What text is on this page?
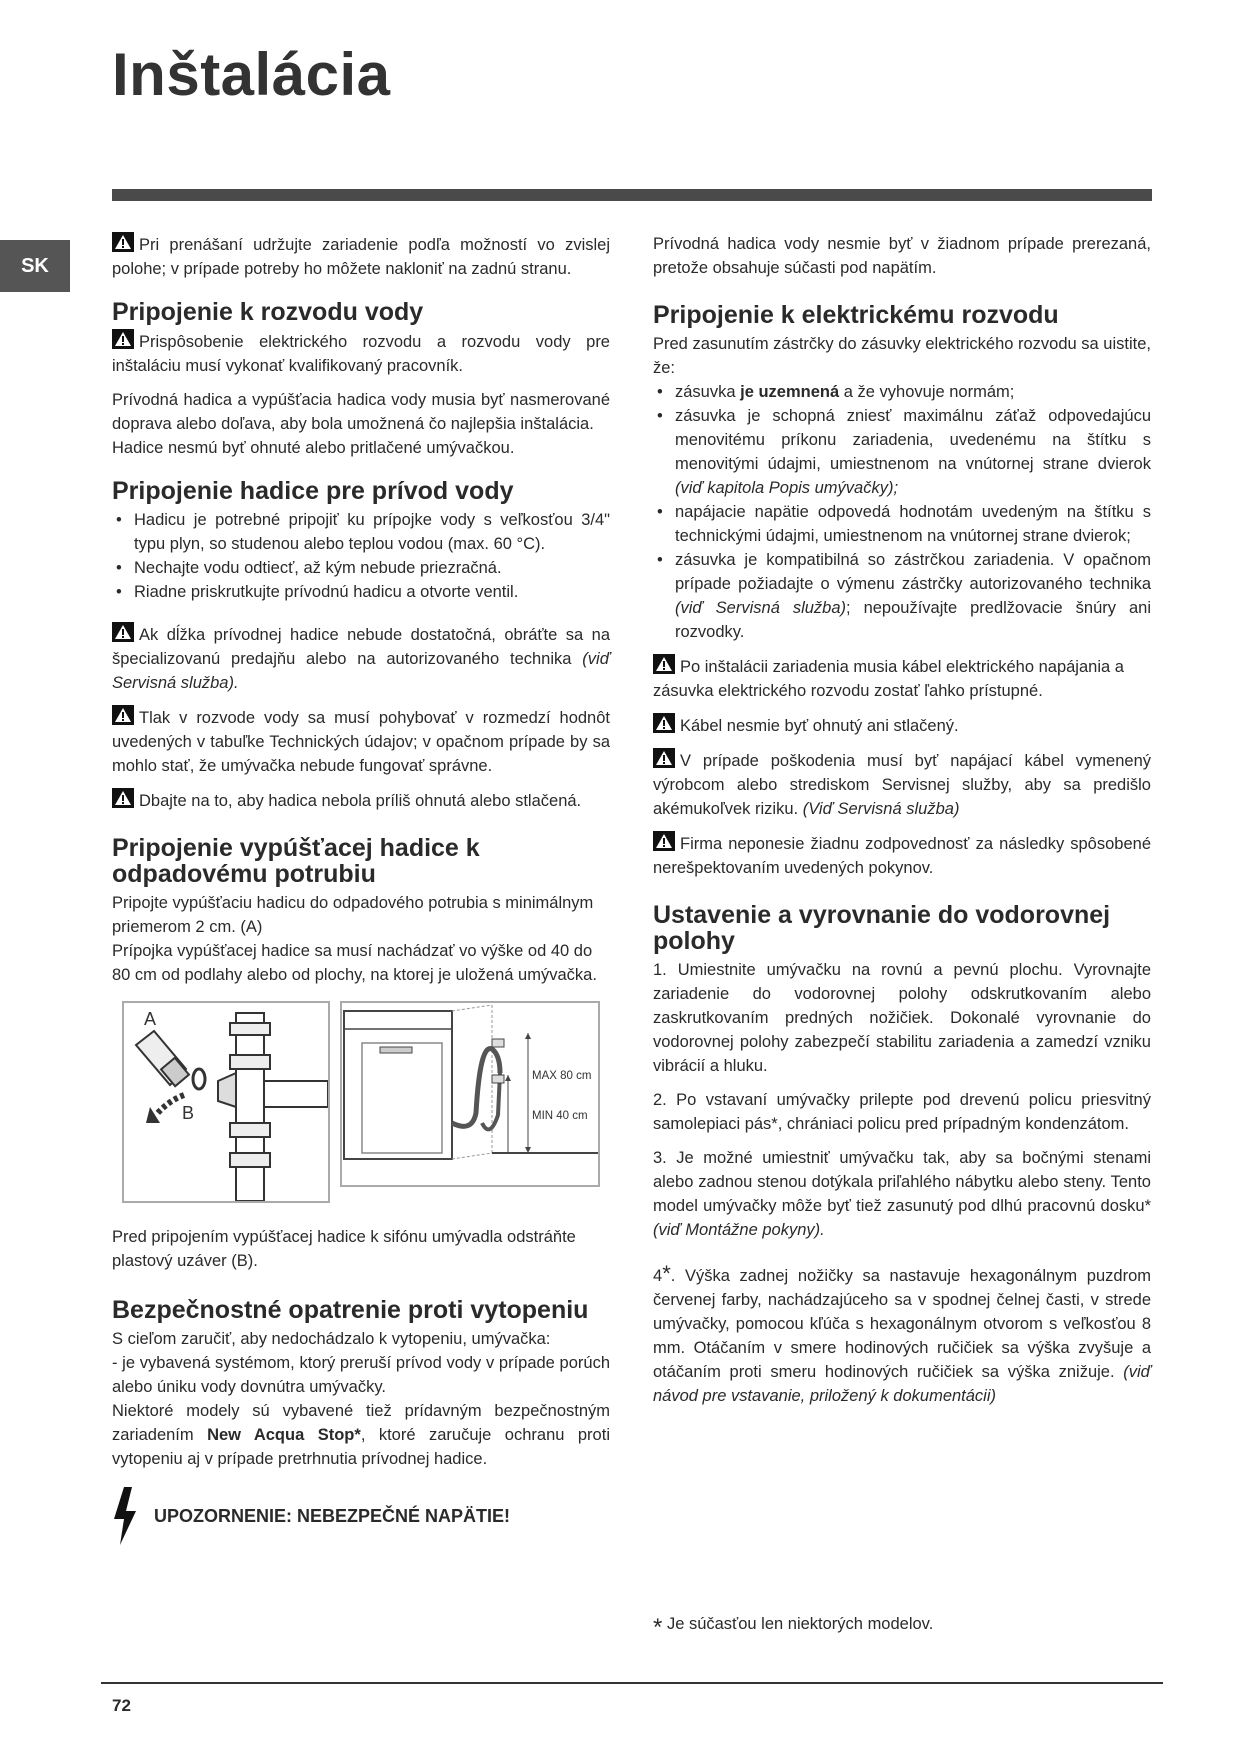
Inštalácia
SK

Pri prenášaní udržujte zariadenie podľa možností vo zvislej polohe; v prípade potreby ho môžete nakloniť na zadnú stranu.

Pripojenie k rozvodu vody

Prispôsobenie elektrického rozvodu a rozvodu vody pre inštaláciu musí vykonať kvalifikovaný pracovník.

Prívodná hadica a vypúšťacia hadica vody musia byť nasmerované doprava alebo doľava, aby bola umožnená čo najlepšia inštalácia.

Hadice nesmú byť ohnuté alebo pritlačené umývačkou.

Pripojenie hadice pre prívod vody
• Hadicu je potrebné pripojiť ku prípojke vody s veľkosťou 3/4" typu plyn, so studenou alebo teplou vodou (max. 60 °C).
• Nechajte vodu odtiecť, až kým nebude priezračná.
• Riadne priskrutkujte prívodnú hadicu a otvorte ventil.

Ak dĺžka prívodnej hadice nebude dostatočná, obráťte sa na špecializovanú predajňu alebo na autorizovaného technika (viď Servisná služba).

Tlak v rozvode vody sa musí pohybovať v rozmedzí hodnôt uvedených v tabuľke Technických údajov; v opačnom prípade by sa mohlo stať, že umývačka nebude fungovať správne.

Dbajte na to, aby hadica nebola príliš ohnutá alebo stlačená.

Pripojenie vypúšťacej hadice k odpadovému potrubiu

Pripojte vypúšťaciu hadicu do odpadového potrubia s minimálnym priemerom 2 cm. (A)

Prípojka vypúšťacej hadice sa musí nachádzať vo výške od 40 do 80 cm od podlahy alebo od plochy, na ktorej je uložená umývačka.

A
B
MAX 80 cm
MIN 40 cm

Pred pripojením vypúšťacej hadice k sifónu umývadla odstráňte plastový uzáver (B).

Bezpečnostné opatrenie proti vytopeniu

S cieľom zaručiť, aby nedochádzalo k vytopeniu, umývačka:

- je vybavená systémom, ktorý preruší prívod vody v prípade porúch alebo úniku vody dovnútra umývačky.

Niektoré modely sú vybavené tiež prídavným bezpečnostným zariadením New Acqua Stop*, ktoré zaručuje ochranu proti vytopeniu aj v prípade pretrhnutia prívodnej hadice.

UPOZORNENIE: NEBEZPEČNÉ NAPÄTIE!

Prívodná hadica vody nesmie byť v žiadnom prípade prerezaná, pretože obsahuje súčasti pod napätím.

Pripojenie k elektrickému rozvodu

Pred zasunutím zástrčky do zásuvky elektrického rozvodu sa uistite, že:

• zásuvka je uzemnená a že vyhovuje normám;
• zásuvka je schopná zniesť maximálnu záťaž odpovedajúcu menovitému príkonu zariadenia, uvedenému na štítku s menovitými údajmi, umiestnenom na vnútornej strane dvierok (viď kapitola Popis umývačky);
• napájacie napätie odpovedá hodnotám uvedeným na štítku s technickými údajmi, umiestnenom na vnútornej strane dvierok;
• zásuvka je kompatibilná so zástrčkou zariadenia. V opačnom prípade požiadajte o výmenu zástrčky autorizovaného technika (viď Servisná služba); nepoužívajte predlžovacie šnúry ani rozvodky.

Po inštalácii zariadenia musia kábel elektrického napájania a zásuvka elektrického rozvodu zostať ľahko prístupné.

Kábel nesmie byť ohnutý ani stlačený.

V prípade poškodenia musí byť napájací kábel vymenený výrobcom alebo strediskom Servisnej služby, aby sa predišlo akémukoľvek riziku. (Viď Servisná služba)

Firma neponesie žiadnu zodpovednosť za následky spôsobené nerešpektovaním uvedených pokynov.

Ustavenie a vyrovnanie do vodorovnej polohy

1. Umiestnite umývačku na rovnú a pevnú plochu. Vyrovnajte zariadenie do vodorovnej polohy odskrutkovaním alebo zaskrutkovaním predných nožičiek. Dokonalé vyrovnanie do vodorovnej polohy zabezpečí stabilitu zariadenia a zamedzí vzniku vibrácií a hluku.

2. Po vstavaní umývačky prilepte pod drevenú policu priesvitný samolepiaci pás*, chrániaci policu pred prípadným kondenzátom.

3. Je možné umiestniť umývačku tak, aby sa bočnými stenami alebo zadnou stenou dotýkala priľahlého nábytku alebo steny. Tento model umývačky môže byť tiež zasunutý pod dlhú pracovnú dosku* (viď Montážne pokyny).

4*. Výška zadnej nožičky sa nastavuje hexagonálnym puzdrom červenej farby, nachádzajúceho sa v spodnej čelnej časti, v strede umývačky, pomocou kľúča s hexagonálnym otvorom s veľkosťou 8 mm. Otáčaním v smere hodinových ručičiek sa výška zvyšuje a otáčaním proti smeru hodinových ručičiek sa výška znižuje. (viď návod pre vstavanie, priložený k dokumentácii)

* Je súčasťou len niektorých modelov.
72
